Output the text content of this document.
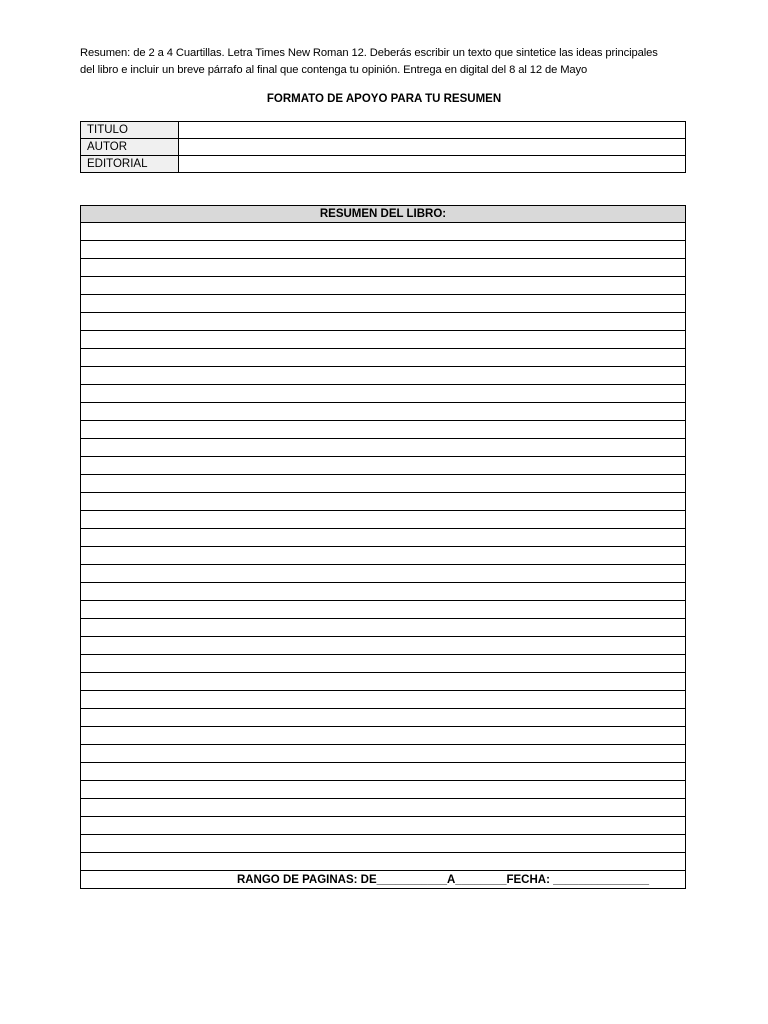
Resumen: de 2 a 4 Cuartillas. Letra Times New Roman 12. Deberás escribir un texto que sintetice las ideas principales
del libro e incluir un breve párrafo al final que contenga tu opinión. Entrega en digital del 8 al 12 de Mayo
FORMATO DE APOYO PARA TU RESUMEN
TITULO	
AUTOR	
EDITORIAL	
RESUMEN DEL LIBRO:

RANGO DE PAGINAS: DE___________A________FECHA: _______________
